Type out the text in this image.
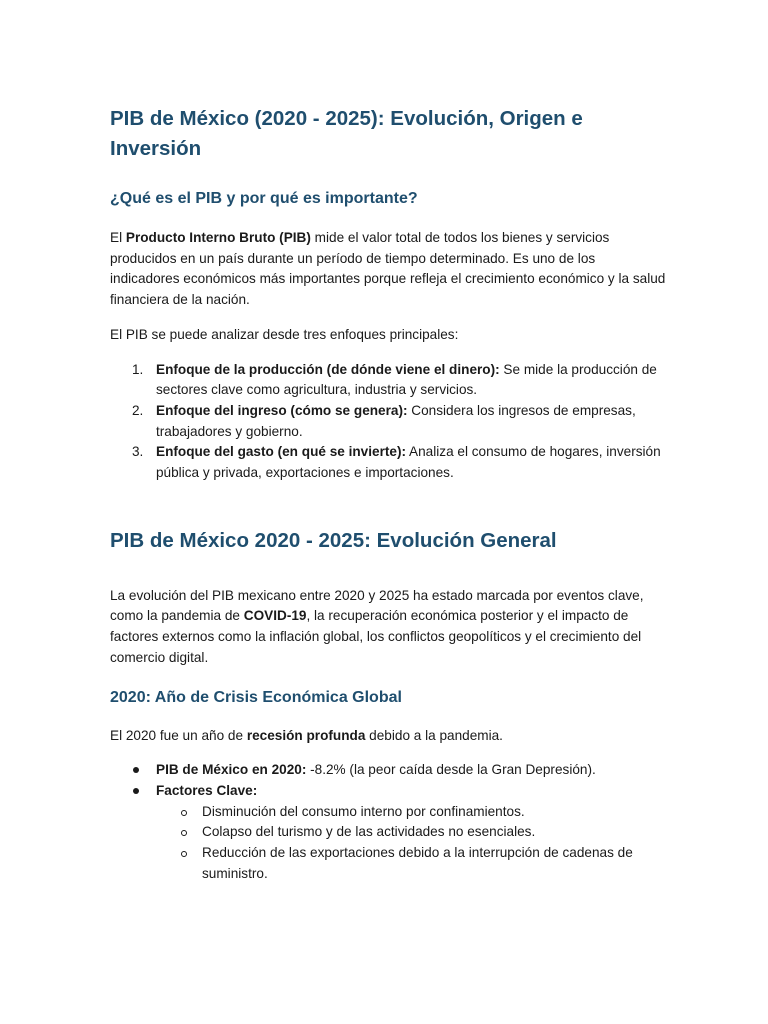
PIB de México (2020 - 2025): Evolución, Origen e Inversión
¿Qué es el PIB y por qué es importante?

El Producto Interno Bruto (PIB) mide el valor total de todos los bienes y servicios producidos en un país durante un período de tiempo determinado. Es uno de los indicadores económicos más importantes porque refleja el crecimiento económico y la salud financiera de la nación.

El PIB se puede analizar desde tres enfoques principales:

1. Enfoque de la producción (de dónde viene el dinero): Se mide la producción de sectores clave como agricultura, industria y servicios.
2. Enfoque del ingreso (cómo se genera): Considera los ingresos de empresas, trabajadores y gobierno.
3. Enfoque del gasto (en qué se invierte): Analiza el consumo de hogares, inversión pública y privada, exportaciones e importaciones.
PIB de México 2020 - 2025: Evolución General

La evolución del PIB mexicano entre 2020 y 2025 ha estado marcada por eventos clave, como la pandemia de COVID-19, la recuperación económica posterior y el impacto de factores externos como la inflación global, los conflictos geopolíticos y el crecimiento del comercio digital.

2020: Año de Crisis Económica Global

El 2020 fue un año de recesión profunda debido a la pandemia.

PIB de México en 2020: -8.2% (la peor caída desde la Gran Depresión).
Factores Clave:
Disminución del consumo interno por confinamientos.
Colapso del turismo y de las actividades no esenciales.
Reducción de las exportaciones debido a la interrupción de cadenas de suministro.
